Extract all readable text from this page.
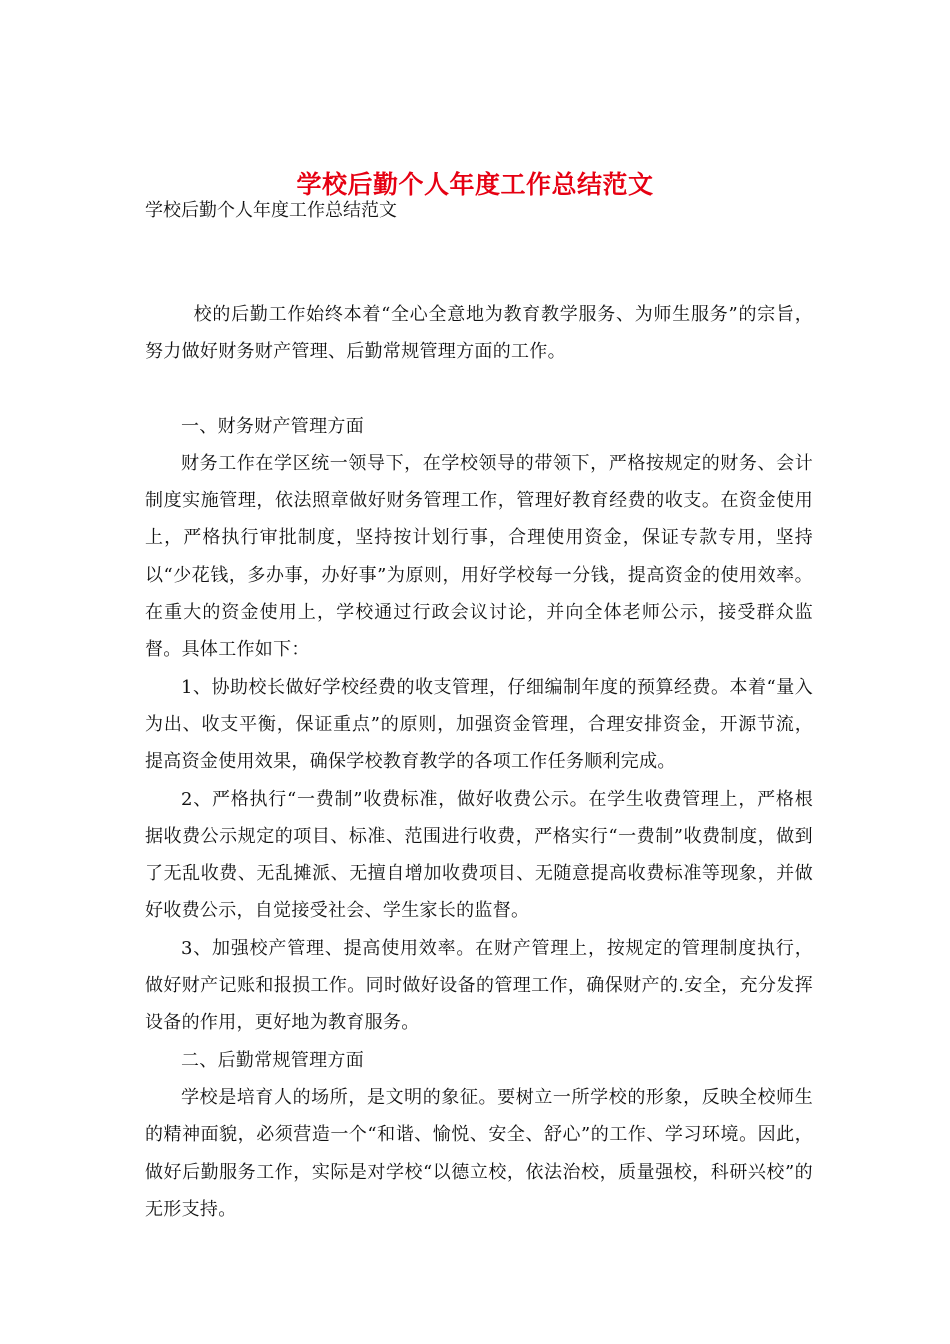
学校后勤个人年度工作总结范文
学校后勤个人年度工作总结范文

校的后勤工作始终本着“全心全意地为教育教学服务、为师生服务”的宗旨，努力做好财务财产管理、后勤常规管理方面的工作。

一、财务财产管理方面

财务工作在学区统一领导下，在学校领导的带领下，严格按规定的财务、会计制度实施管理，依法照章做好财务管理工作，管理好教育经费的收支。在资金使用上，严格执行审批制度，坚持按计划行事，合理使用资金，保证专款专用，坚持以“少花钱，多办事，办好事”为原则，用好学校每一分钱，提高资金的使用效率。在重大的资金使用上，学校通过行政会议讨论，并向全体老师公示，接受群众监督。具体工作如下：

1、协助校长做好学校经费的收支管理，仔细编制年度的预算经费。本着“量入为出、收支平衡，保证重点”的原则，加强资金管理，合理安排资金，开源节流，提高资金使用效果，确保学校教育教学的各项工作任务顺利完成。

2、严格执行“一费制”收费标准，做好收费公示。在学生收费管理上，严格根据收费公示规定的项目、标准、范围进行收费，严格实行“一费制”收费制度，做到了无乱收费、无乱摊派、无擅自增加收费项目、无随意提高收费标准等现象，并做好收费公示，自觉接受社会、学生家长的监督。

3、加强校产管理、提高使用效率。在财产管理上，按规定的管理制度执行，做好财产记账和报损工作。同时做好设备的管理工作，确保财产的.安全，充分发挥设备的作用，更好地为教育服务。

二、后勤常规管理方面

学校是培育人的场所，是文明的象征。要树立一所学校的形象，反映全校师生的精神面貌，必须营造一个“和谐、愉悦、安全、舒心”的工作、学习环境。因此，做好后勤服务工作，实际是对学校“以德立校，依法治校，质量强校，科研兴校”的无形支持。
